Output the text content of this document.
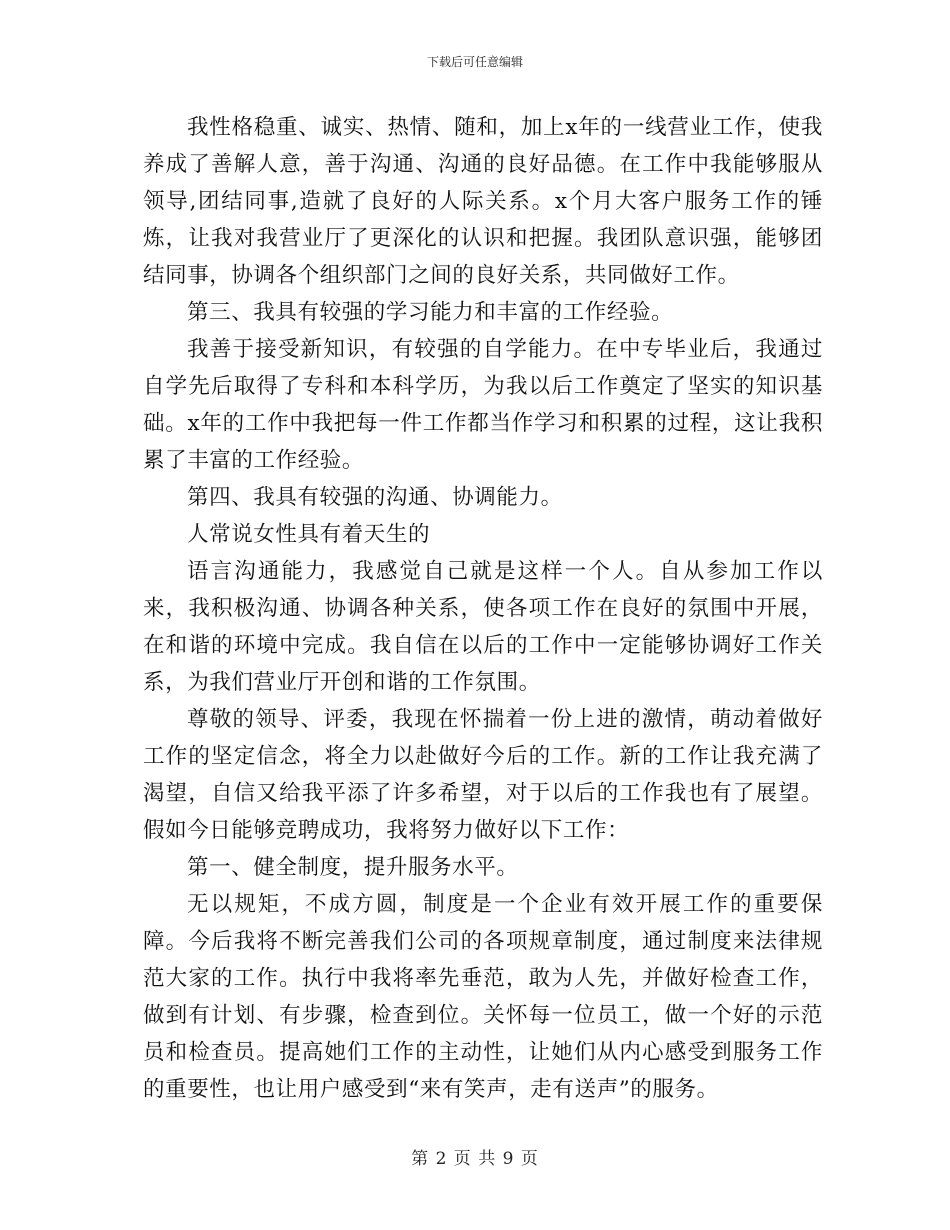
下载后可任意编辑

我性格稳重、诚实、热情、随和，加上x年的一线营业工作，使我养成了善解人意，善于沟通、沟通的良好品德。在工作中我能够服从领导,团结同事,造就了良好的人际关系。x个月大客户服务工作的锤炼，让我对我营业厅了更深化的认识和把握。我团队意识强，能够团结同事，协调各个组织部门之间的良好关系，共同做好工作。

第三、我具有较强的学习能力和丰富的工作经验。

我善于接受新知识，有较强的自学能力。在中专毕业后，我通过自学先后取得了专科和本科学历，为我以后工作奠定了坚实的知识基础。x年的工作中我把每一件工作都当作学习和积累的过程，这让我积累了丰富的工作经验。

第四、我具有较强的沟通、协调能力。

人常说女性具有着天生的

语言沟通能力，我感觉自己就是这样一个人。自从参加工作以来，我积极沟通、协调各种关系，使各项工作在良好的氛围中开展，在和谐的环境中完成。我自信在以后的工作中一定能够协调好工作关系，为我们营业厅开创和谐的工作氛围。

尊敬的领导、评委，我现在怀揣着一份上进的激情，萌动着做好工作的坚定信念，将全力以赴做好今后的工作。新的工作让我充满了渴望，自信又给我平添了许多希望，对于以后的工作我也有了展望。假如今日能够竞聘成功，我将努力做好以下工作：

第一、健全制度，提升服务水平。

无以规矩，不成方圆，制度是一个企业有效开展工作的重要保障。今后我将不断完善我们公司的各项规章制度，通过制度来法律规范大家的工作。执行中我将率先垂范，敢为人先，并做好检查工作，做到有计划、有步骤，检查到位。关怀每一位员工，做一个好的示范员和检查员。提高她们工作的主动性，让她们从内心感受到服务工作的重要性，也让用户感受到“来有笑声，走有送声”的服务。

第 2 页 共 9 页
